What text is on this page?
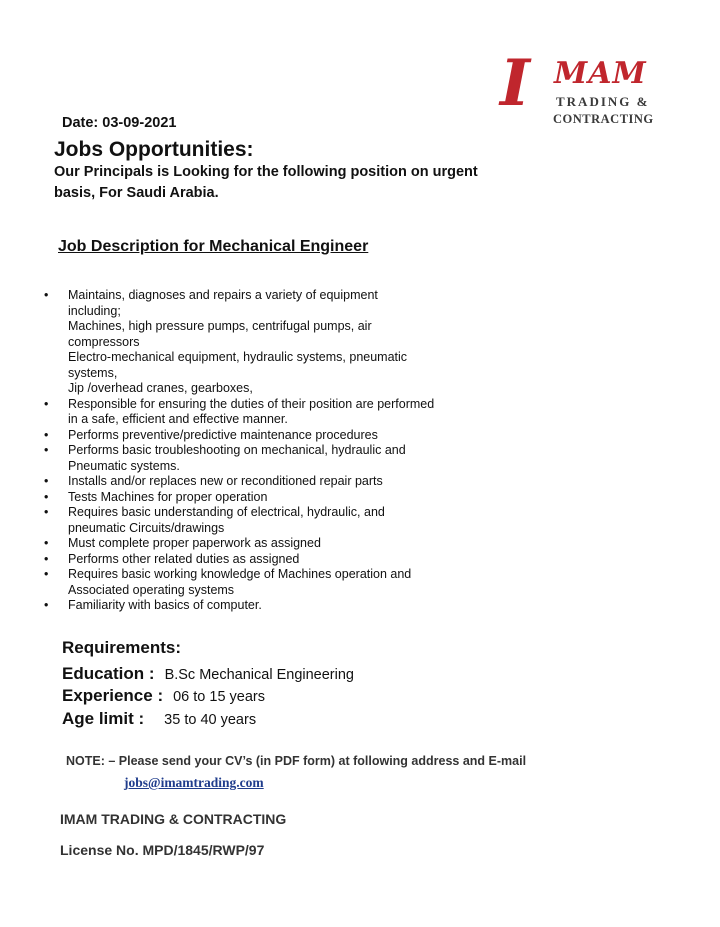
I MAM
TRADING &
CONTRACTING
Date: 03-09-2021
Jobs Opportunities:
Our Principals is Looking for the following position on urgent
basis, For Saudi Arabia.
Job Description for Mechanical Engineer
• Maintains, diagnoses and repairs a variety of equipment
including;
Machines, high pressure pumps, centrifugal pumps, air
compressors
Electro-mechanical equipment, hydraulic systems, pneumatic
systems,
Jip /overhead cranes, gearboxes,
• Responsible for ensuring the duties of their position are performed
in a safe, efficient and effective manner.
• Performs preventive/predictive maintenance procedures
• Performs basic troubleshooting on mechanical, hydraulic and
Pneumatic systems.
• Installs and/or replaces new or reconditioned repair parts
• Tests Machines for proper operation
• Requires basic understanding of electrical, hydraulic, and
pneumatic Circuits/drawings
• Must complete proper paperwork as assigned
• Performs other related duties as assigned
• Requires basic working knowledge of Machines operation and
Associated operating systems
• Familiarity with basics of computer.
Requirements:
Education : B.Sc Mechanical Engineering
Experience : 06 to 15 years
Age limit : 35 to 40 years
NOTE: – Please send your CV’s (in PDF form) at following address and E-mail
jobs@imamtrading.com
IMAM TRADING & CONTRACTING
License No. MPD/1845/RWP/97
